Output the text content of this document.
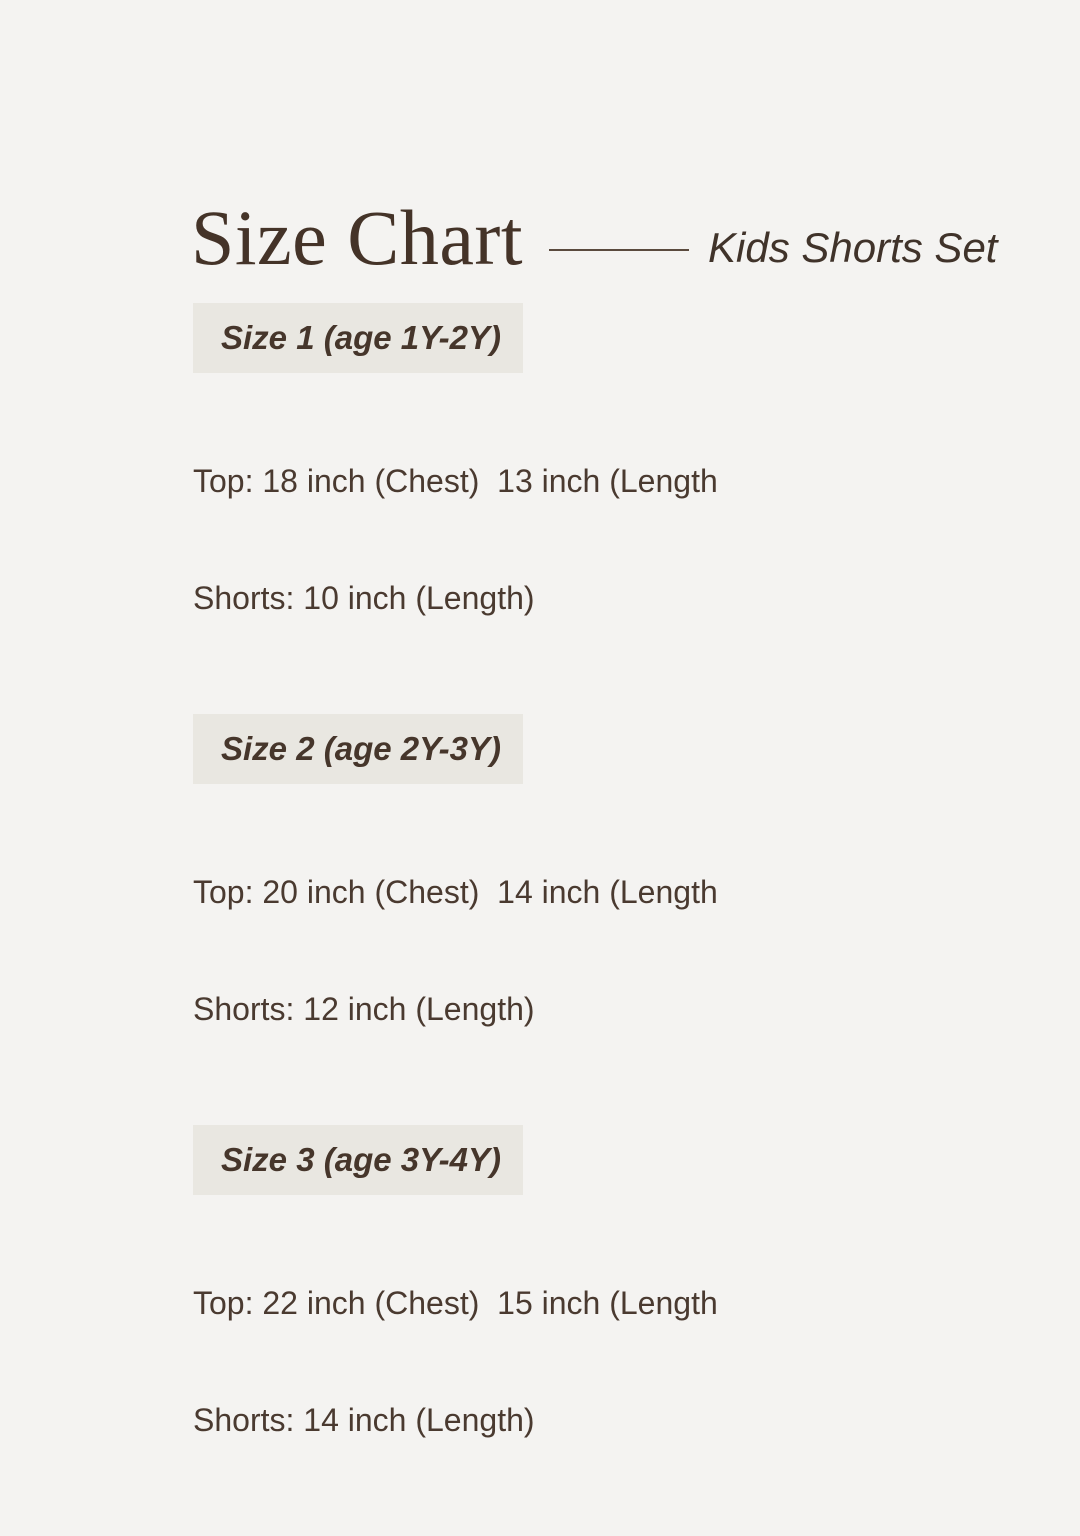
Size Chart	Kids Shorts Set
Size 1 (age 1Y-2Y)

Top: 18 inch (Chest)  13 inch (Length

Shorts: 10 inch (Length)

Size 2 (age 2Y-3Y)

Top: 20 inch (Chest)  14 inch (Length

Shorts: 12 inch (Length)

Size 3 (age 3Y-4Y)

Top: 22 inch (Chest)  15 inch (Length

Shorts: 14 inch (Length)
